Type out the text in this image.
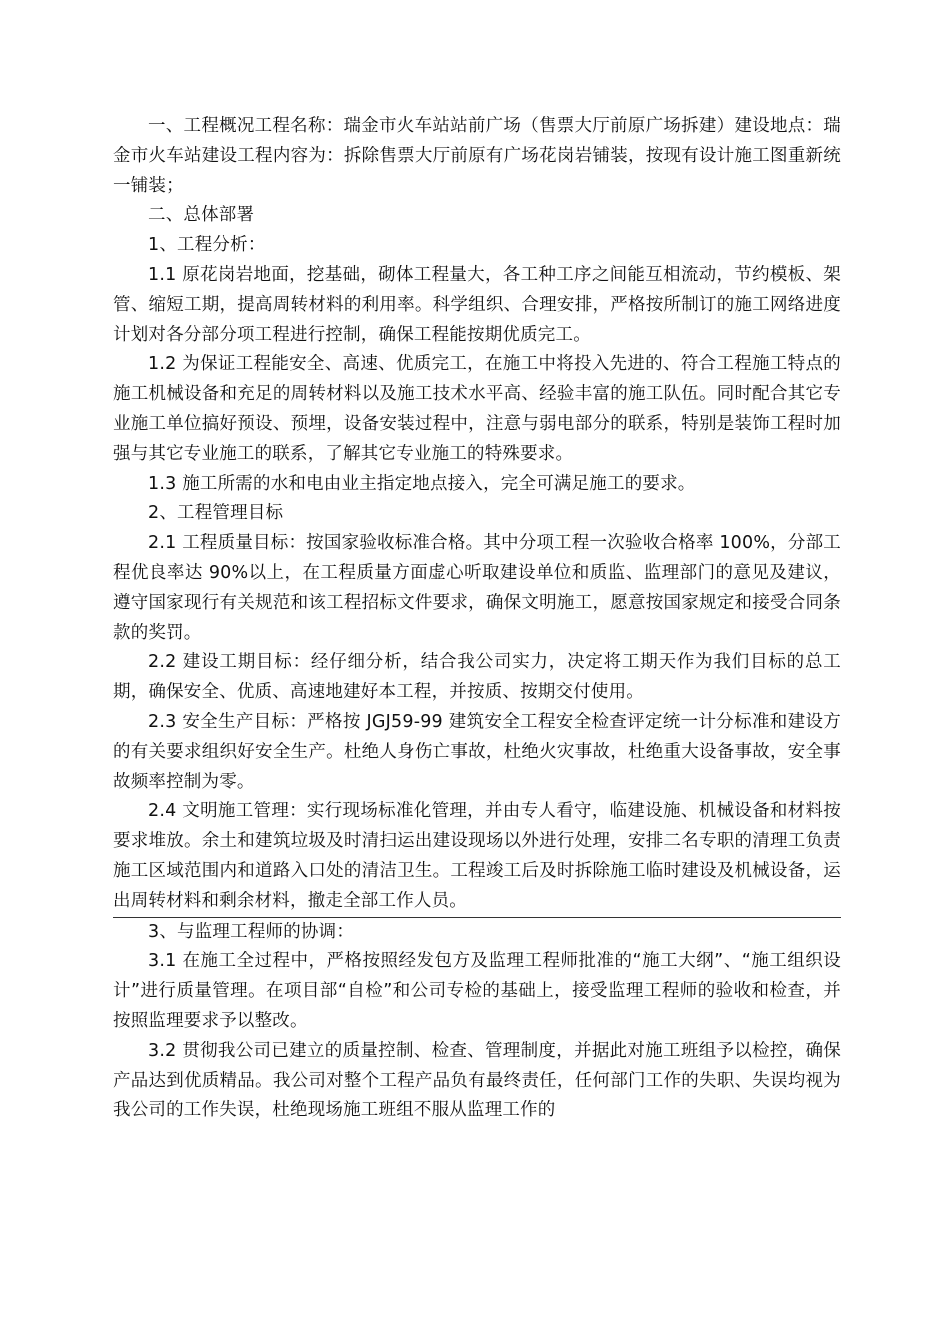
一、工程概况工程名称：瑞金市火车站站前广场（售票大厅前原广场拆建）建设地点：瑞金市火车站建设工程内容为：拆除售票大厅前原有广场花岗岩铺装，按现有设计施工图重新统一铺装；

二、总体部署

1、工程分析：

1.1 原花岗岩地面，挖基础，砌体工程量大，各工种工序之间能互相流动，节约模板、架管、缩短工期，提高周转材料的利用率。科学组织、合理安排，严格按所制订的施工网络进度计划对各分部分项工程进行控制，确保工程能按期优质完工。

1.2 为保证工程能安全、高速、优质完工，在施工中将投入先进的、符合工程施工特点的施工机械设备和充足的周转材料以及施工技术水平高、经验丰富的施工队伍。同时配合其它专业施工单位搞好预设、预埋，设备安装过程中，注意与弱电部分的联系，特别是装饰工程时加强与其它专业施工的联系，了解其它专业施工的特殊要求。

1.3 施工所需的水和电由业主指定地点接入，完全可满足施工的要求。

2、工程管理目标

2.1 工程质量目标：按国家验收标准合格。其中分项工程一次验收合格率 100%，分部工程优良率达 90%以上，在工程质量方面虚心听取建设单位和质监、监理部门的意见及建议，遵守国家现行有关规范和该工程招标文件要求，确保文明施工，愿意按国家规定和接受合同条款的奖罚。

2.2 建设工期目标：经仔细分析，结合我公司实力，决定将工期天作为我们目标的总工期，确保安全、优质、高速地建好本工程，并按质、按期交付使用。

2.3 安全生产目标：严格按 JGJ59-99 建筑安全工程安全检查评定统一计分标准和建设方的有关要求组织好安全生产。杜绝人身伤亡事故，杜绝火灾事故，杜绝重大设备事故，安全事故频率控制为零。

2.4 文明施工管理：实行现场标准化管理，并由专人看守，临建设施、机械设备和材料按要求堆放。余土和建筑垃圾及时清扫运出建设现场以外进行处理，安排二名专职的清理工负责施工区域范围内和道路入口处的清洁卫生。工程竣工后及时拆除施工临时建设及机械设备，运出周转材料和剩余材料，撤走全部工作人员。

3、与监理工程师的协调：

3.1 在施工全过程中，严格按照经发包方及监理工程师批准的“施工大纲”、“施工组织设计”进行质量管理。在项目部“自检”和公司专检的基础上，接受监理工程师的验收和检查，并按照监理要求予以整改。

3.2 贯彻我公司已建立的质量控制、检查、管理制度，并据此对施工班组予以检控，确保产品达到优质精品。我公司对整个工程产品负有最终责任，任何部门工作的失职、失误均视为我公司的工作失误，杜绝现场施工班组不服从监理工作的
